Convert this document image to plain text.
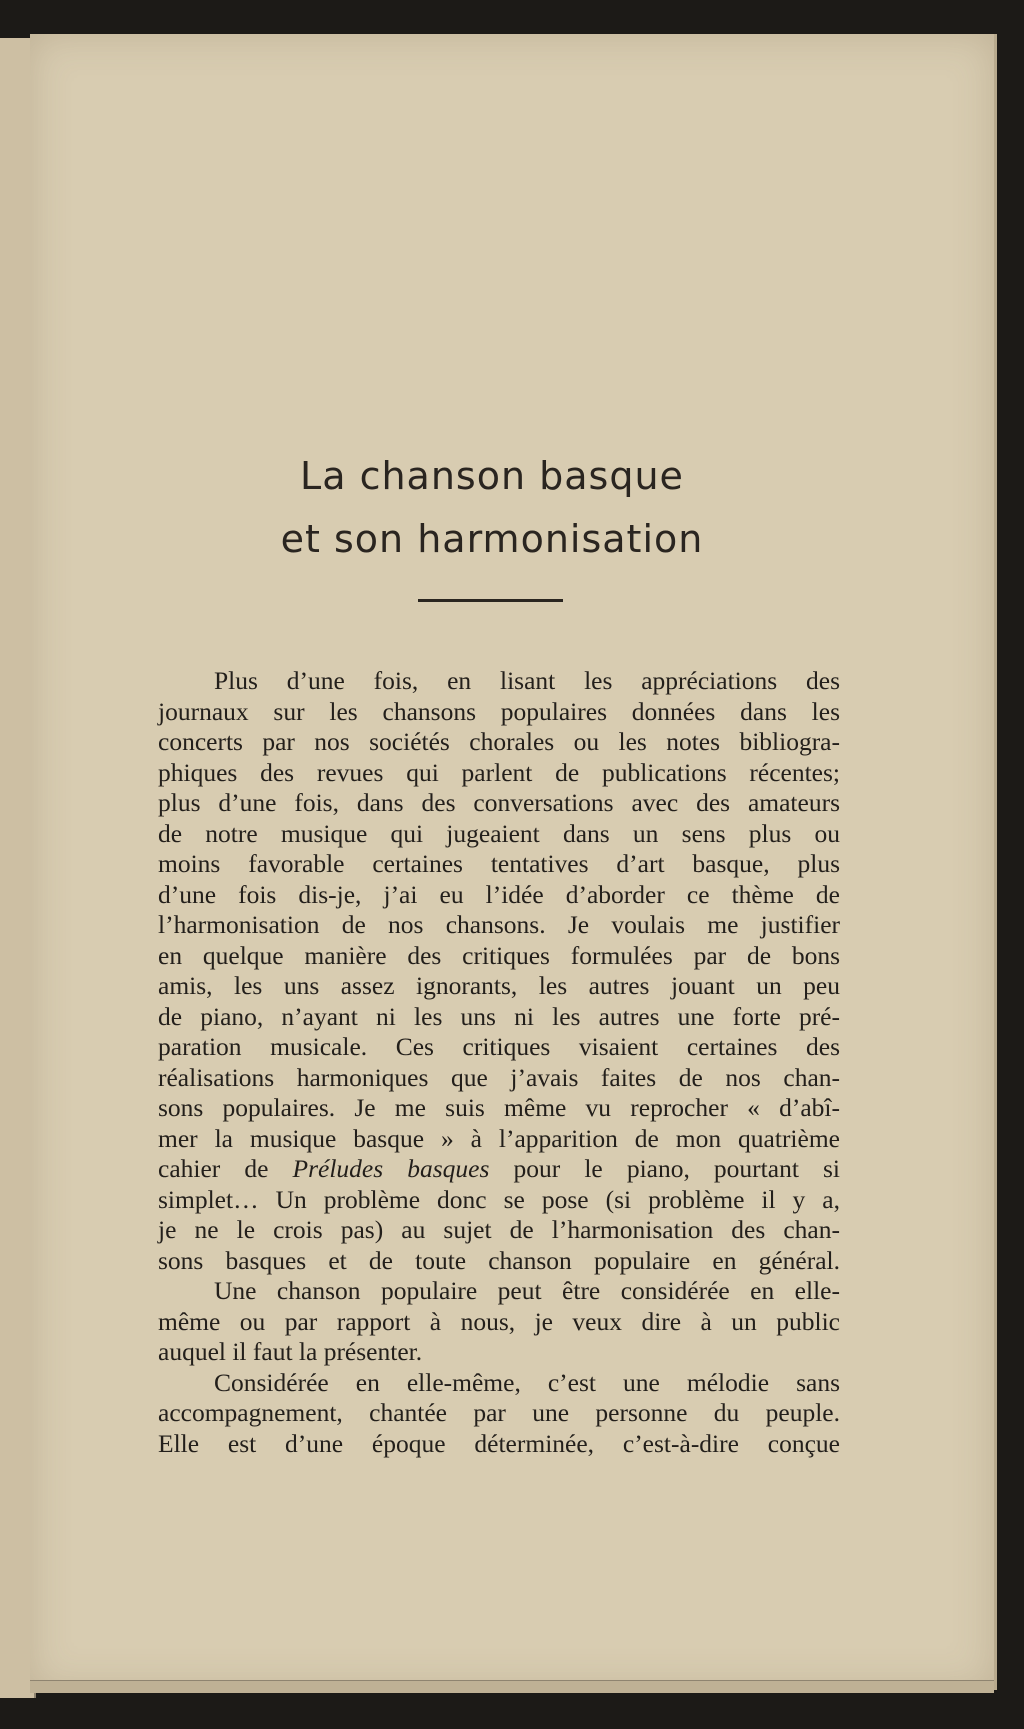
La chanson basque
et son harmonisation
Plus d’une fois, en lisant les appréciations des
journaux sur les chansons populaires données dans les
concerts par nos sociétés chorales ou les notes bibliogra-
phiques des revues qui parlent de publications récentes;
plus d’une fois, dans des conversations avec des amateurs
de notre musique qui jugeaient dans un sens plus ou
moins favorable certaines tentatives d’art basque, plus
d’une fois dis-je, j’ai eu l’idée d’aborder ce thème de
l’harmonisation de nos chansons. Je voulais me justifier
en quelque manière des critiques formulées par de bons
amis, les uns assez ignorants, les autres jouant un peu
de piano, n’ayant ni les uns ni les autres une forte pré-
paration musicale. Ces critiques visaient certaines des
réalisations harmoniques que j’avais faites de nos chan-
sons populaires. Je me suis même vu reprocher « d’abî-
mer la musique basque » à l’apparition de mon quatrième
cahier de Préludes basques pour le piano, pourtant si
simplet… Un problème donc se pose (si problème il y a,
je ne le crois pas) au sujet de l’harmonisation des chan-
sons basques et de toute chanson populaire en général.
Une chanson populaire peut être considérée en elle-
même ou par rapport à nous, je veux dire à un public
auquel il faut la présenter.
Considérée en elle-même, c’est une mélodie sans
accompagnement, chantée par une personne du peuple.
Elle est d’une époque déterminée, c’est-à-dire conçue
